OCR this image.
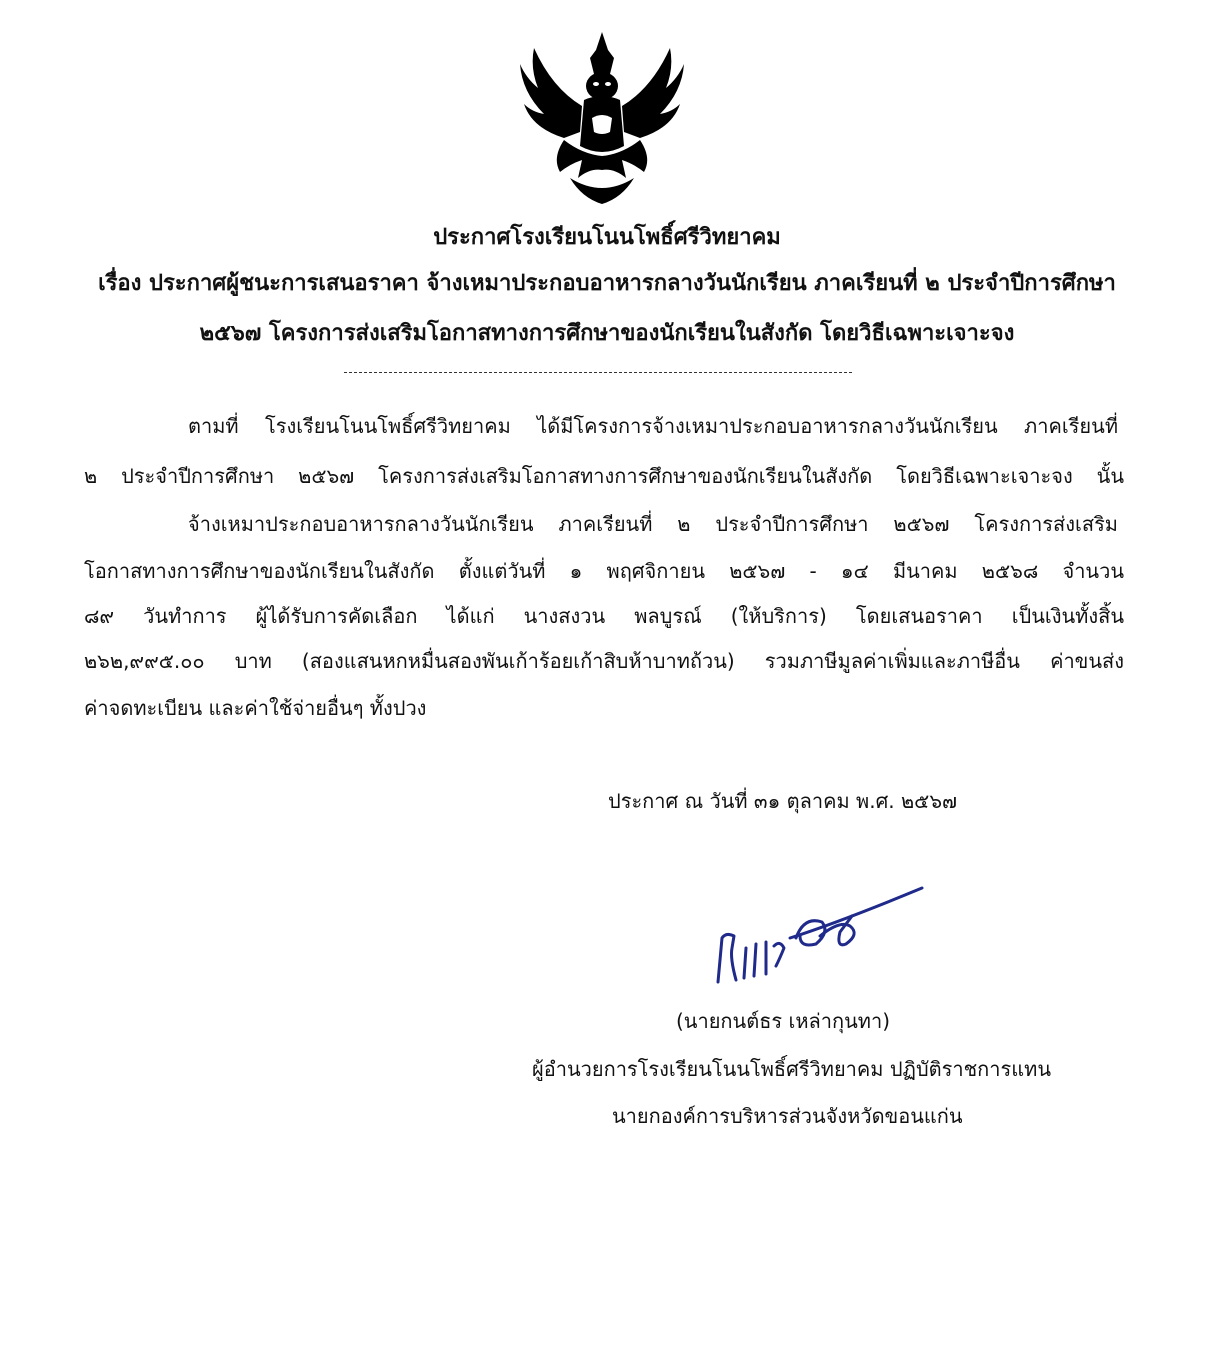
ประกาศโรงเรียนโนนโพธิ์ศรีวิทยาคม
เรื่อง ประกาศผู้ชนะการเสนอราคา จ้างเหมาประกอบอาหารกลางวันนักเรียน ภาคเรียนที่ ๒ ประจำปีการศึกษา
๒๕๖๗ โครงการส่งเสริมโอกาสทางการศึกษาของนักเรียนในสังกัด โดยวิธีเฉพาะเจาะจง
ตามที่ โรงเรียนโนนโพธิ์ศรีวิทยาคม ได้มีโครงการจ้างเหมาประกอบอาหารกลางวันนักเรียน ภาคเรียนที่
๒ ประจำปีการศึกษา ๒๕๖๗ โครงการส่งเสริมโอกาสทางการศึกษาของนักเรียนในสังกัด โดยวิธีเฉพาะเจาะจง นั้น
จ้างเหมาประกอบอาหารกลางวันนักเรียน ภาคเรียนที่ ๒ ประจำปีการศึกษา ๒๕๖๗ โครงการส่งเสริม
โอกาสทางการศึกษาของนักเรียนในสังกัด ตั้งแต่วันที่ ๑ พฤศจิกายน ๒๕๖๗ - ๑๔ มีนาคม ๒๕๖๘ จำนวน
๘๙ วันทำการ ผู้ได้รับการคัดเลือก ได้แก่ นางสงวน พลบูรณ์ (ให้บริการ) โดยเสนอราคา เป็นเงินทั้งสิ้น
๒๖๒,๙๙๕.๐๐ บาท (สองแสนหกหมื่นสองพันเก้าร้อยเก้าสิบห้าบาทถ้วน) รวมภาษีมูลค่าเพิ่มและภาษีอื่น ค่าขนส่ง
ค่าจดทะเบียน และค่าใช้จ่ายอื่นๆ ทั้งปวง
ประกาศ ณ วันที่ ๓๑ ตุลาคม พ.ศ. ๒๕๖๗
(นายกนต์ธร เหล่ากุนทา)
ผู้อำนวยการโรงเรียนโนนโพธิ์ศรีวิทยาคม ปฏิบัติราชการแทน
นายกองค์การบริหารส่วนจังหวัดขอนแก่น
